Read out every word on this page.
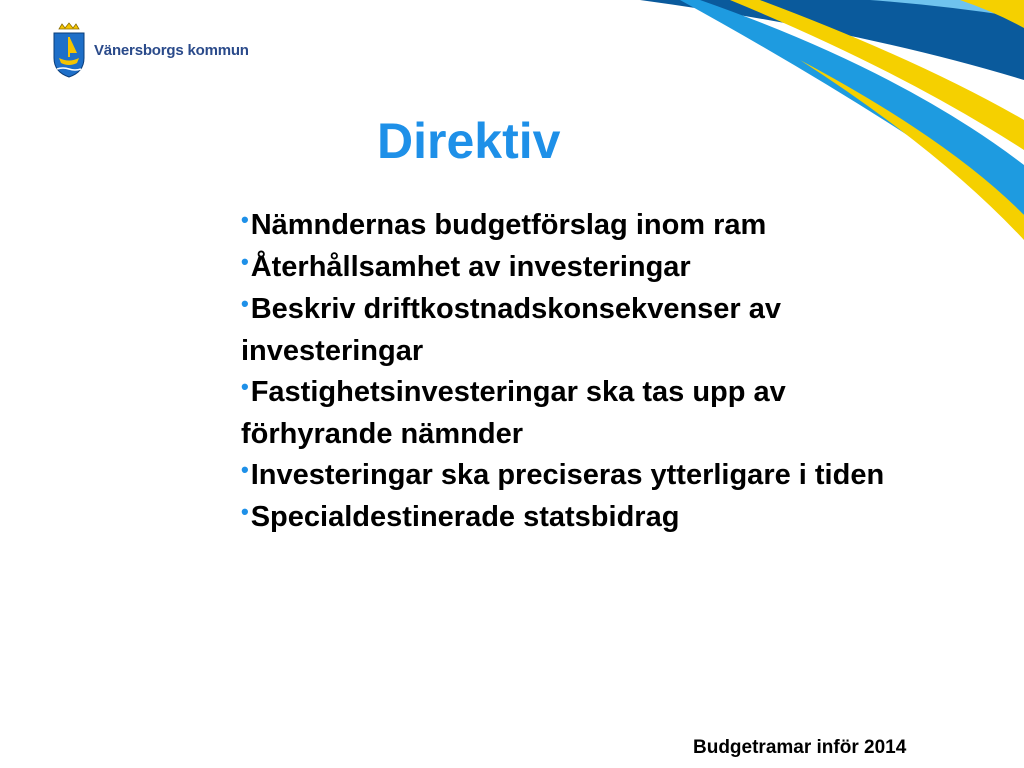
Vänersborgs kommun
Direktiv
•Nämndernas budgetförslag inom ram
•Återhållsamhet av investeringar
•Beskriv driftkostnadskonsekvenser av investeringar
•Fastighetsinvesteringar ska tas upp av förhyrande nämnder
•Investeringar ska preciseras ytterligare i tiden
•Specialdestinerade statsbidrag
Budgetramar inför 2014
